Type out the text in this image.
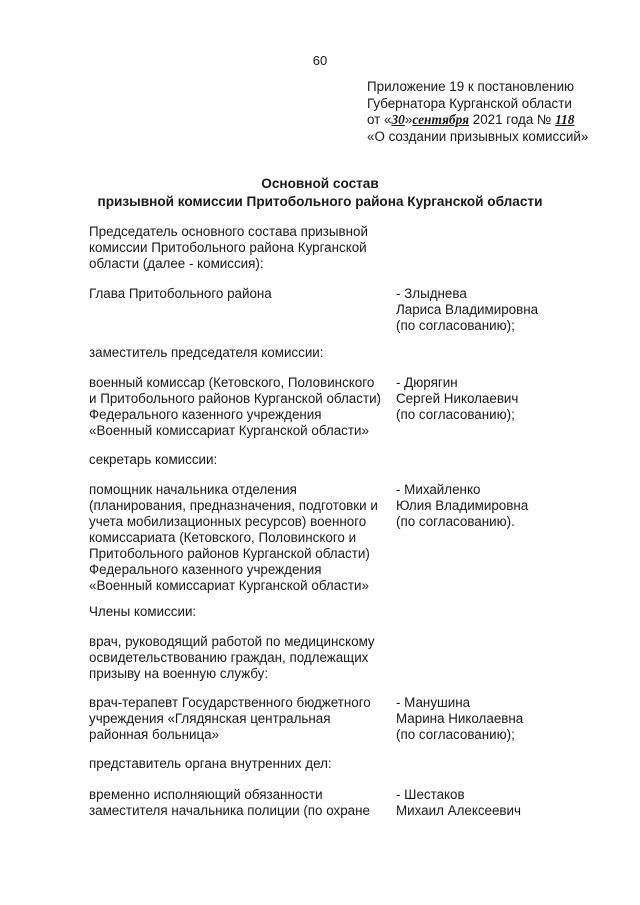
60
Приложение 19 к постановлению
Губернатора Курганской области
от «30»сентября 2021 года № 118
«О создании призывных комиссий»
Основной состав
призывной комиссии Притобольного района Курганской области
Председатель основного состава призывной
комиссии Притобольного района Курганской
области (далее - комиссия):
Глава Притобольного района	- Злыднева
Лариса Владимировна
(по согласованию);
заместитель председателя комиссии:
военный комиссар (Кетовского, Половинского
и Притобольного районов Курганской области)
Федерального казенного учреждения
«Военный комиссариат Курганской области»
- Дюрягин
Сергей Николаевич
(по согласованию);
секретарь комиссии:
помощник начальника отделения
(планирования, предназначения, подготовки и
учета мобилизационных ресурсов) военного
комиссариата (Кетовского, Половинского и
Притобольного районов Курганской области)
Федерального казенного учреждения
«Военный комиссариат Курганской области»
- Михайленко
Юлия Владимировна
(по согласованию).
Члены комиссии:
врач, руководящий работой по медицинскому
освидетельствованию граждан, подлежащих
призыву на военную службу:
врач-терапевт Государственного бюджетного
учреждения «Глядянская центральная
районная больница»
- Манушина
Марина Николаевна
(по согласованию);
представитель органа внутренних дел:
временно исполняющий обязанности
заместителя начальника полиции (по охране
- Шестаков
Михаил Алексеевич
